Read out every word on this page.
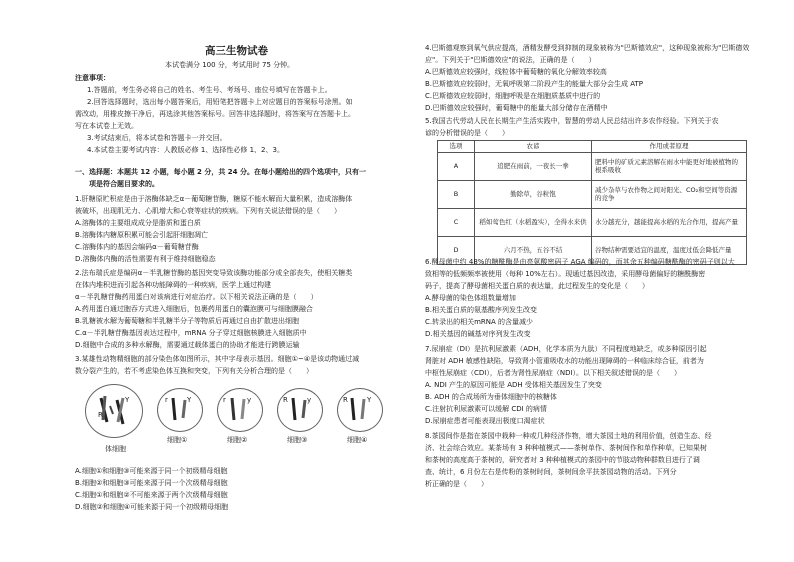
高三生物试卷
本试卷满分 100 分，考试用时 75 分钟。
注意事项：
1.答题前，考生务必将自己的姓名、考生号、考场号、座位号填写在答题卡上。
2.回答选择题时，选出每小题答案后，用铅笔把答题卡上对应题目的答案标号涂黑。如
需改动，用橡皮擦干净后，再选涂其他答案标号。回答非选择题时，将答案写在答题卡上。
写在本试卷上无效。
3.考试结束后，将本试卷和答题卡一并交回。
4.本试卷主要考试内容：人教版必修 1、选择性必修 1、2、3。
一、选择题：本题共 12 小题，每小题 2 分，共 24 分。在每小题给出的四个选项中，只有一
项是符合题目要求的。
1.肝糖原贮积症是由于溶酶体缺乏α－葡萄糖苷酶，糖原不能水解而大量积累，造成溶酶体
被破坏，出现肌无力、心肌增大和心衰等症状的疾病。下列有关说法错误的是（　　）
A.溶酶体的主要组成成分是脂质和蛋白质
B.溶酶体内糖原积累可能会引起肝细胞凋亡
C.溶酶体内的基因会编码α－葡萄糖苷酶
D.溶酶体内酶的活性需要有利于维持细胞稳态
2.法布瑞氏症是编码α－半乳糖苷酶的基因突变导致该酶功能部分或全部丧失，使相关糖类
在体内堆积进而引起各种功能障碍的一种疾病，医学上通过构建
α－半乳糖苷酶药用蛋白对该病进行对症治疗。以下相关说法正确的是（　　）
A.药用蛋白通过胞吞方式进入细胞后，包裹药用蛋白的囊泡膜可与细胞膜融合
B.乳糖被水解为葡萄糖和半乳糖半分子等物质后再通过自由扩散进出细胞
C.α－半乳糖苷酶基因表达过程中，mRNA 分子穿过细胞核膜进入细胞质中
D.细胞中合成的多种水解酶，需要通过载体蛋白的协助才能进行跨膜运输
3.某雄性动物精细胞的部分染色体如图所示，其中字母表示基因。细胞①~④是该动物通过减
数分裂产生的，若不考虑染色体互换和突变，下列有关分析合理的是（　　）
R
Y
体细胞
r	Y
细胞①
r	y
细胞②
R	y
细胞③
R	Y
细胞④
A.细胞①和细胞③可能来源于同一个初级精母细胞
B.细胞②和细胞③可能来源于同一个次级精母细胞
C.细胞①和细胞②不可能来源于两个次级精母细胞
D.细胞②和细胞④可能来源于同一个初级精母细胞
4.巴斯德观察到氧气供应提高，酒精发酵受到抑制的现象被称为"巴斯德效应"，这种现象被称为"巴斯德效
应"。下列关于"巴斯德效应"的说法，正确的是（　　）
A.巴斯德效应较强时，线粒体中葡萄糖的氧化分解效率较高
B.巴斯德效应较弱时，无氧呼吸第二阶段产生的能量大部分会生成 ATP
C.巴斯德效应较弱时，细胞呼吸是在细胞质基质中进行的
D.巴斯德效应较强时，葡萄糖中的能量大部分储存在酒精中
5.我国古代劳动人民在长期生产生活实践中，智慧的劳动人民总结出许多农作经验。下列关于农
谚的分析错误的是（　　）
选项	农谚	作用或者原理
A	追肥在雨前，一夜长一拳	肥料中的矿质元素溶解在雨水中能更好地被植物的根系吸收
B	勤除草，谷粒饱	减少杂草与农作物之间对阳光、CO₂和空间等资源的竞争
C	稻如莺色红（水稻盈实），全得水来供	水分越充分，越能提高水稻的光合作用，提高产量
D	六月不热，五谷不结	谷物结种需要适宜的温度，温度过低会降低产量
6.酵母菌中约 48%的糖酰酶是由亮氨酸密码子 AGA 编码的，而其余五种编码糖酰酶的密码子则以大
致相等的低频频率被使用（每种 10%左右）。现通过基因改造，采用酵母菌偏好的糖酰酶密
码子，提高了酵母菌相关蛋白质的表达量，此过程发生的变化是（　　）
A.酵母菌的染色体组数量增加
B.相关蛋白质的氨基酸序列发生改变
C.转录出的相关mRNA 的含量减少
D.相关基因的碱基对序列发生改变
7.尿崩症（DI）是抗利尿激素（ADH，化学本质为九肽）不同程度地缺乏，或多种原因引起
肾脏对 ADH 敏感性缺陷，导致肾小管重吸收水的功能出现障碍的一种临床综合征，前者为
中枢性尿崩症（CDI），后者为肾性尿崩症（NDI）。以下相关叙述错误的是（　　）
A. NDI 产生的原因可能是 ADH 受体相关基因发生了突变
B. ADH 的合成场所为垂体细胞中的核糖体
C.注射抗利尿激素可以缓解 CDI 的病情
D.尿崩症患者可能表现出极度口渴症状
8.茶园间作是指在茶园中栽种一种或几种经济作物，增大茶园土地的利用价值，创造生态、经
济、社会综合效应。某茶场有 3 种种植模式——茶树单作、茶树间作和单作种草，已知果树
和茶树的高度高于茶树的，研究者对 3 种种植模式的茶园中的节肢动物种群数目进行了调
查、统计，6 月份左右是传粉的茶树时间，茶树间余平扶茶园动物的活动。下列分
析正确的是（　　）
